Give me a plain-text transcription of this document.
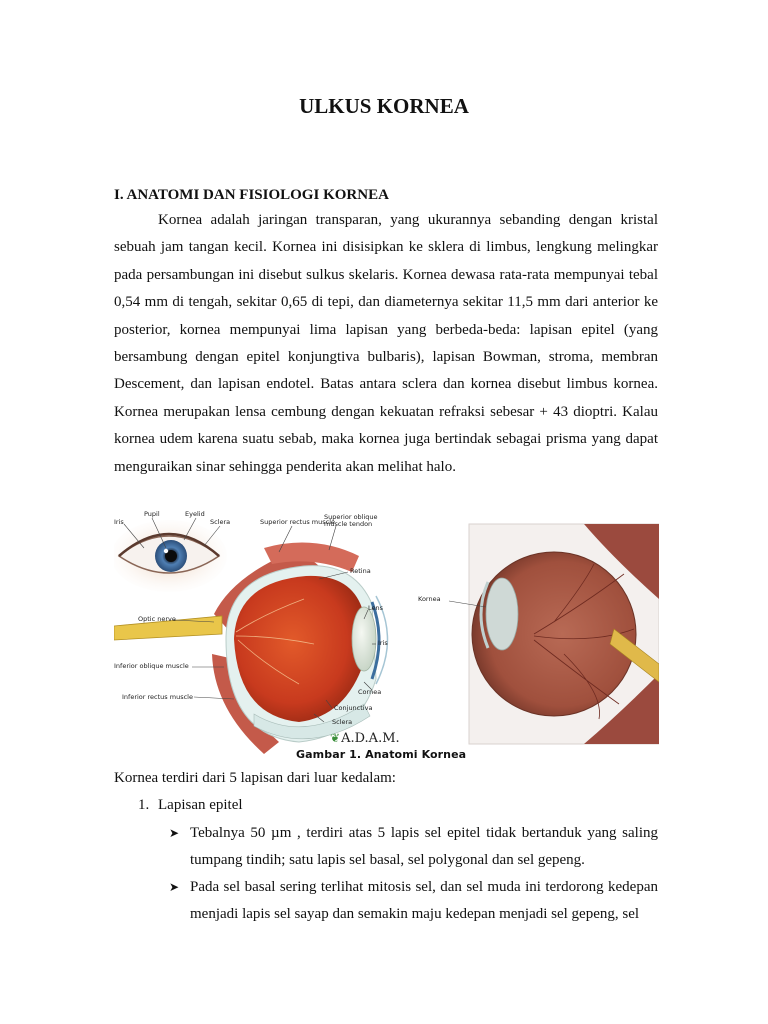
ULKUS KORNEA
I. ANATOMI DAN FISIOLOGI KORNEA

Kornea adalah jaringan transparan, yang ukurannya sebanding dengan kristal sebuah jam tangan kecil. Kornea ini disisipkan ke sklera di limbus, lengkung melingkar pada persambungan ini disebut sulkus skelaris. Kornea dewasa rata-rata mempunyai tebal 0,54 mm di tengah, sekitar 0,65 di tepi, dan diameternya sekitar 11,5 mm dari anterior ke posterior, kornea mempunyai lima lapisan yang berbeda-beda: lapisan epitel (yang bersambung dengan epitel konjungtiva bulbaris), lapisan Bowman, stroma, membran Descement, dan lapisan endotel. Batas antara sclera dan kornea disebut limbus kornea. Kornea merupakan lensa cembung dengan kekuatan refraksi sebesar + 43 dioptri. Kalau kornea udem karena suatu sebab, maka kornea juga bertindak sebagai prisma yang dapat menguraikan sinar sehingga penderita akan melihat halo.

Iris
Pupil	Eyelid
Sclera	Superior rectus muscle
Superior oblique muscle tendon
Retina
Lens
Iris
Optic nerve
Inferior oblique muscle
Inferior rectus muscle
Cornea
Conjunctiva
Sclera
Kornea
❦A.D.A.M.
Gambar 1. Anatomi Kornea
Kornea terdiri dari 5 lapisan dari luar kedalam:
1. Lapisan epitel
➤ Tebalnya 50 µm , terdiri atas 5 lapis sel epitel tidak bertanduk yang saling tumpang tindih; satu lapis sel basal, sel polygonal dan sel gepeng.
➤ Pada sel basal sering terlihat mitosis sel, dan sel muda ini terdorong kedepan menjadi lapis sel sayap dan semakin maju kedepan menjadi sel gepeng, sel
